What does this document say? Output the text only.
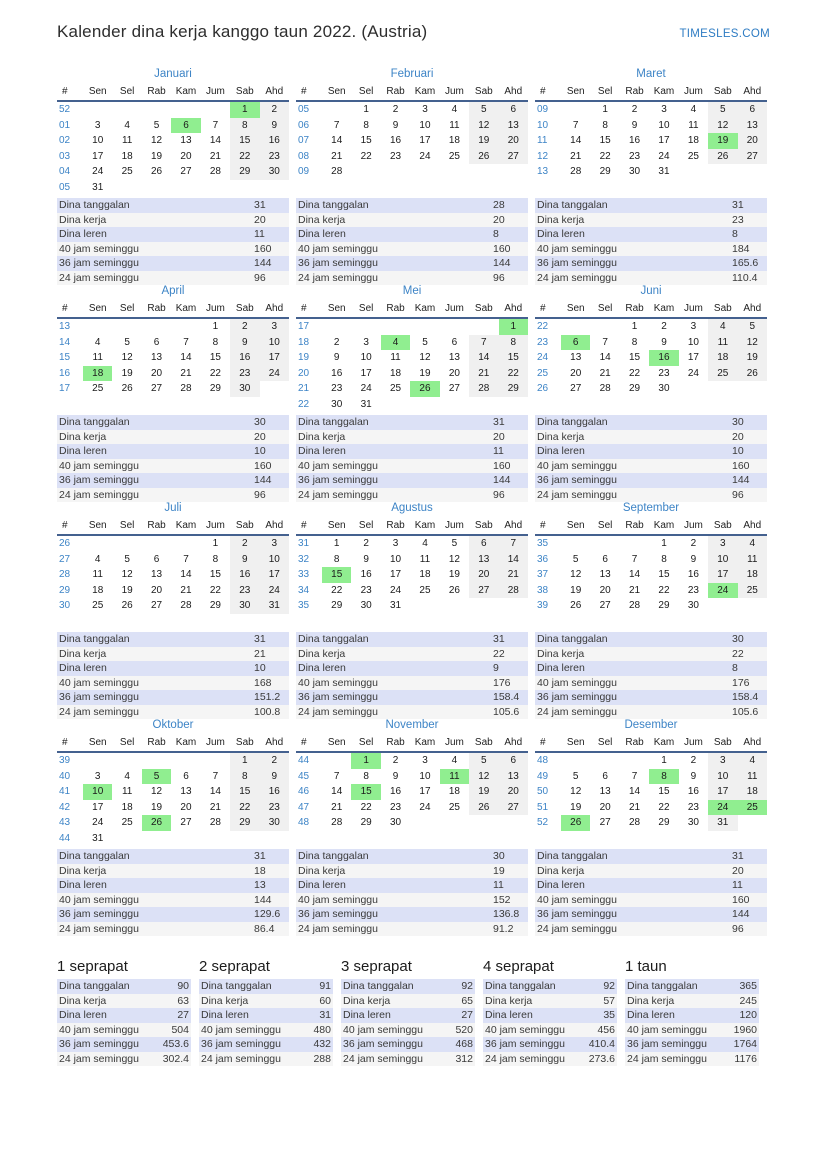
Kalender dina kerja kanggo taun 2022. (Austria)	TIMESLES.COM
Januari
#	Sen	Sel	Rab	Kam	Jum	Sab	Ahd
52						1	2
01	3	4	5	6	7	8	9
02	10	11	12	13	14	15	16
03	17	18	19	20	21	22	23
04	24	25	26	27	28	29	30
05	31						
Dina tanggalan	31
Dina kerja	20
Dina leren	11
40 jam seminggu	160
36 jam seminggu	144
24 jam seminggu	96
Februari
#	Sen	Sel	Rab	Kam	Jum	Sab	Ahd
05		1	2	3	4	5	6
06	7	8	9	10	11	12	13
07	14	15	16	17	18	19	20
08	21	22	23	24	25	26	27
09	28						
Dina tanggalan	28
Dina kerja	20
Dina leren	8
40 jam seminggu	160
36 jam seminggu	144
24 jam seminggu	96
Maret
#	Sen	Sel	Rab	Kam	Jum	Sab	Ahd
09		1	2	3	4	5	6
10	7	8	9	10	11	12	13
11	14	15	16	17	18	19	20
12	21	22	23	24	25	26	27
13	28	29	30	31			
Dina tanggalan	31
Dina kerja	23
Dina leren	8
40 jam seminggu	184
36 jam seminggu	165.6
24 jam seminggu	110.4
April
#	Sen	Sel	Rab	Kam	Jum	Sab	Ahd
13					1	2	3
14	4	5	6	7	8	9	10
15	11	12	13	14	15	16	17
16	18	19	20	21	22	23	24
17	25	26	27	28	29	30	
Dina tanggalan	30
Dina kerja	20
Dina leren	10
40 jam seminggu	160
36 jam seminggu	144
24 jam seminggu	96
Mei
#	Sen	Sel	Rab	Kam	Jum	Sab	Ahd
17							1
18	2	3	4	5	6	7	8
19	9	10	11	12	13	14	15
20	16	17	18	19	20	21	22
21	23	24	25	26	27	28	29
22	30	31					
Dina tanggalan	31
Dina kerja	20
Dina leren	11
40 jam seminggu	160
36 jam seminggu	144
24 jam seminggu	96
Juni
#	Sen	Sel	Rab	Kam	Jum	Sab	Ahd
22			1	2	3	4	5
23	6	7	8	9	10	11	12
24	13	14	15	16	17	18	19
25	20	21	22	23	24	25	26
26	27	28	29	30			
Dina tanggalan	30
Dina kerja	20
Dina leren	10
40 jam seminggu	160
36 jam seminggu	144
24 jam seminggu	96
Juli
#	Sen	Sel	Rab	Kam	Jum	Sab	Ahd
26					1	2	3
27	4	5	6	7	8	9	10
28	11	12	13	14	15	16	17
29	18	19	20	21	22	23	24
30	25	26	27	28	29	30	31
Dina tanggalan	31
Dina kerja	21
Dina leren	10
40 jam seminggu	168
36 jam seminggu	151.2
24 jam seminggu	100.8
Agustus
#	Sen	Sel	Rab	Kam	Jum	Sab	Ahd
31	1	2	3	4	5	6	7
32	8	9	10	11	12	13	14
33	15	16	17	18	19	20	21
34	22	23	24	25	26	27	28
35	29	30	31				
Dina tanggalan	31
Dina kerja	22
Dina leren	9
40 jam seminggu	176
36 jam seminggu	158.4
24 jam seminggu	105.6
September
#	Sen	Sel	Rab	Kam	Jum	Sab	Ahd
35				1	2	3	4
36	5	6	7	8	9	10	11
37	12	13	14	15	16	17	18
38	19	20	21	22	23	24	25
39	26	27	28	29	30		
Dina tanggalan	30
Dina kerja	22
Dina leren	8
40 jam seminggu	176
36 jam seminggu	158.4
24 jam seminggu	105.6
Oktober
#	Sen	Sel	Rab	Kam	Jum	Sab	Ahd
39						1	2
40	3	4	5	6	7	8	9
41	10	11	12	13	14	15	16
42	17	18	19	20	21	22	23
43	24	25	26	27	28	29	30
44	31						
Dina tanggalan	31
Dina kerja	18
Dina leren	13
40 jam seminggu	144
36 jam seminggu	129.6
24 jam seminggu	86.4
November
#	Sen	Sel	Rab	Kam	Jum	Sab	Ahd
44		1	2	3	4	5	6
45	7	8	9	10	11	12	13
46	14	15	16	17	18	19	20
47	21	22	23	24	25	26	27
48	28	29	30				
Dina tanggalan	30
Dina kerja	19
Dina leren	11
40 jam seminggu	152
36 jam seminggu	136.8
24 jam seminggu	91.2
Desember
#	Sen	Sel	Rab	Kam	Jum	Sab	Ahd
48				1	2	3	4
49	5	6	7	8	9	10	11
50	12	13	14	15	16	17	18
51	19	20	21	22	23	24	25
52	26	27	28	29	30	31	
Dina tanggalan	31
Dina kerja	20
Dina leren	11
40 jam seminggu	160
36 jam seminggu	144
24 jam seminggu	96
1 seprapat
Dina tanggalan	90
Dina kerja	63
Dina leren	27
40 jam seminggu	504
36 jam seminggu 453.6
24 jam seminggu 302.4
2 seprapat
Dina tanggalan	91
Dina kerja	60
Dina leren	31
40 jam seminggu	480
36 jam seminggu	432
24 jam seminggu	288
3 seprapat
Dina tanggalan	92
Dina kerja	65
Dina leren	27
40 jam seminggu	520
36 jam seminggu	468
24 jam seminggu	312
4 seprapat
Dina tanggalan	92
Dina kerja	57
Dina leren	35
40 jam seminggu	456
36 jam seminggu 410.4
24 jam seminggu 273.6
1 taun
Dina tanggalan	365
Dina kerja	245
Dina leren	120
40 jam seminggu	1960
36 jam seminggu	1764
24 jam seminggu	1176
